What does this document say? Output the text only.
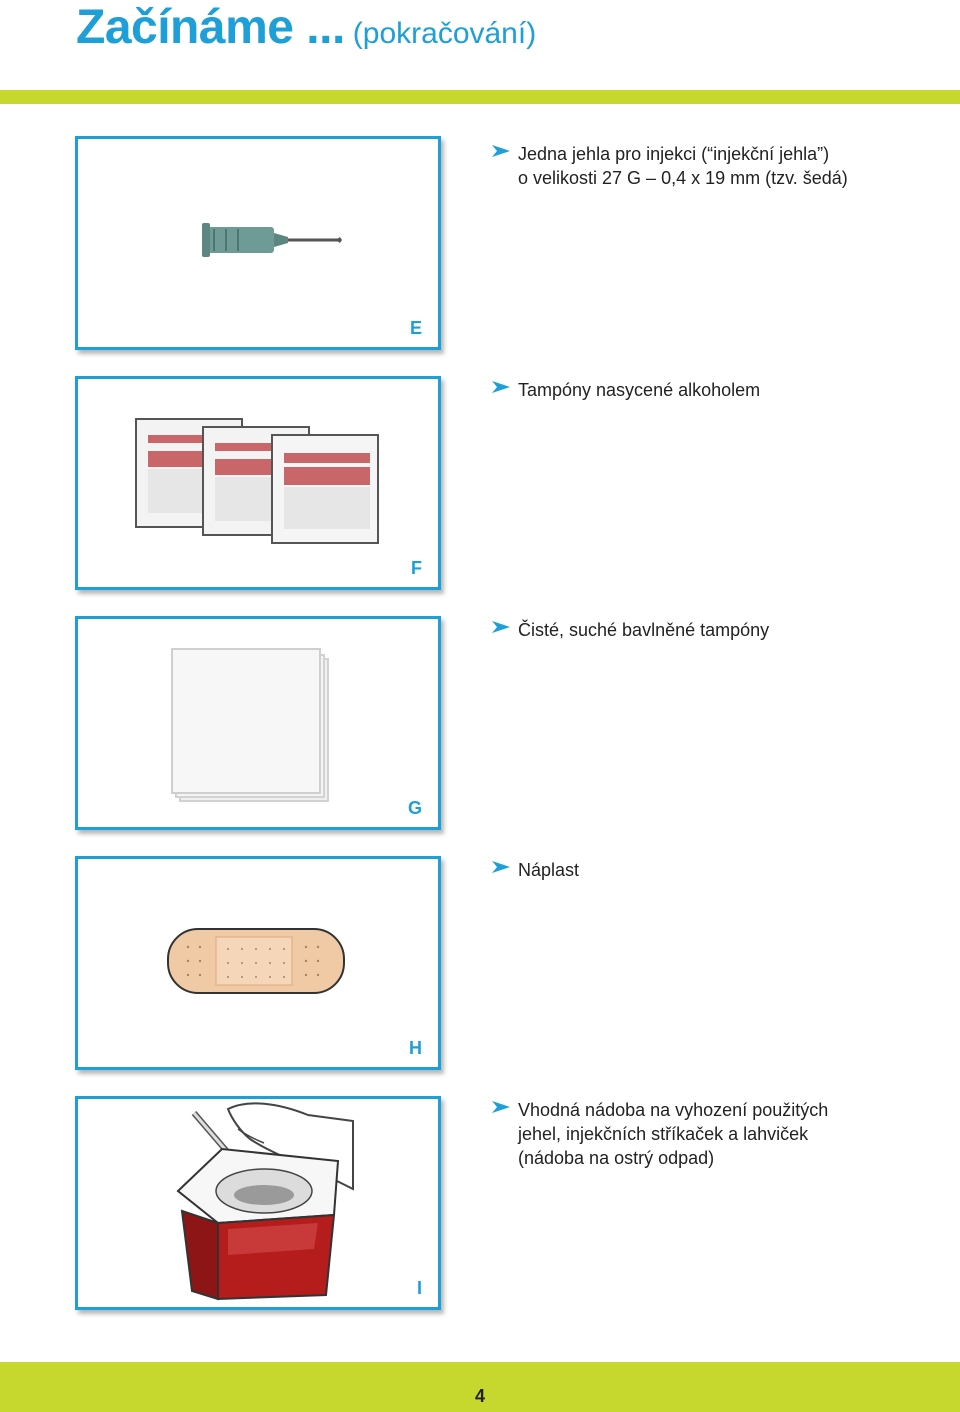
Začínáme ... (pokračování)
E
Jedna jehla pro injekci (“injekční jehla”)
o velikosti 27 G – 0,4 x 19 mm (tzv. šedá)
F
Tampóny nasycené alkoholem
G
Čisté, suché bavlněné tampóny
H
Náplast
I
Vhodná nádoba na vyhození použitých
jehel, injekčních stříkaček a lahviček
(nádoba na ostrý odpad)
4
